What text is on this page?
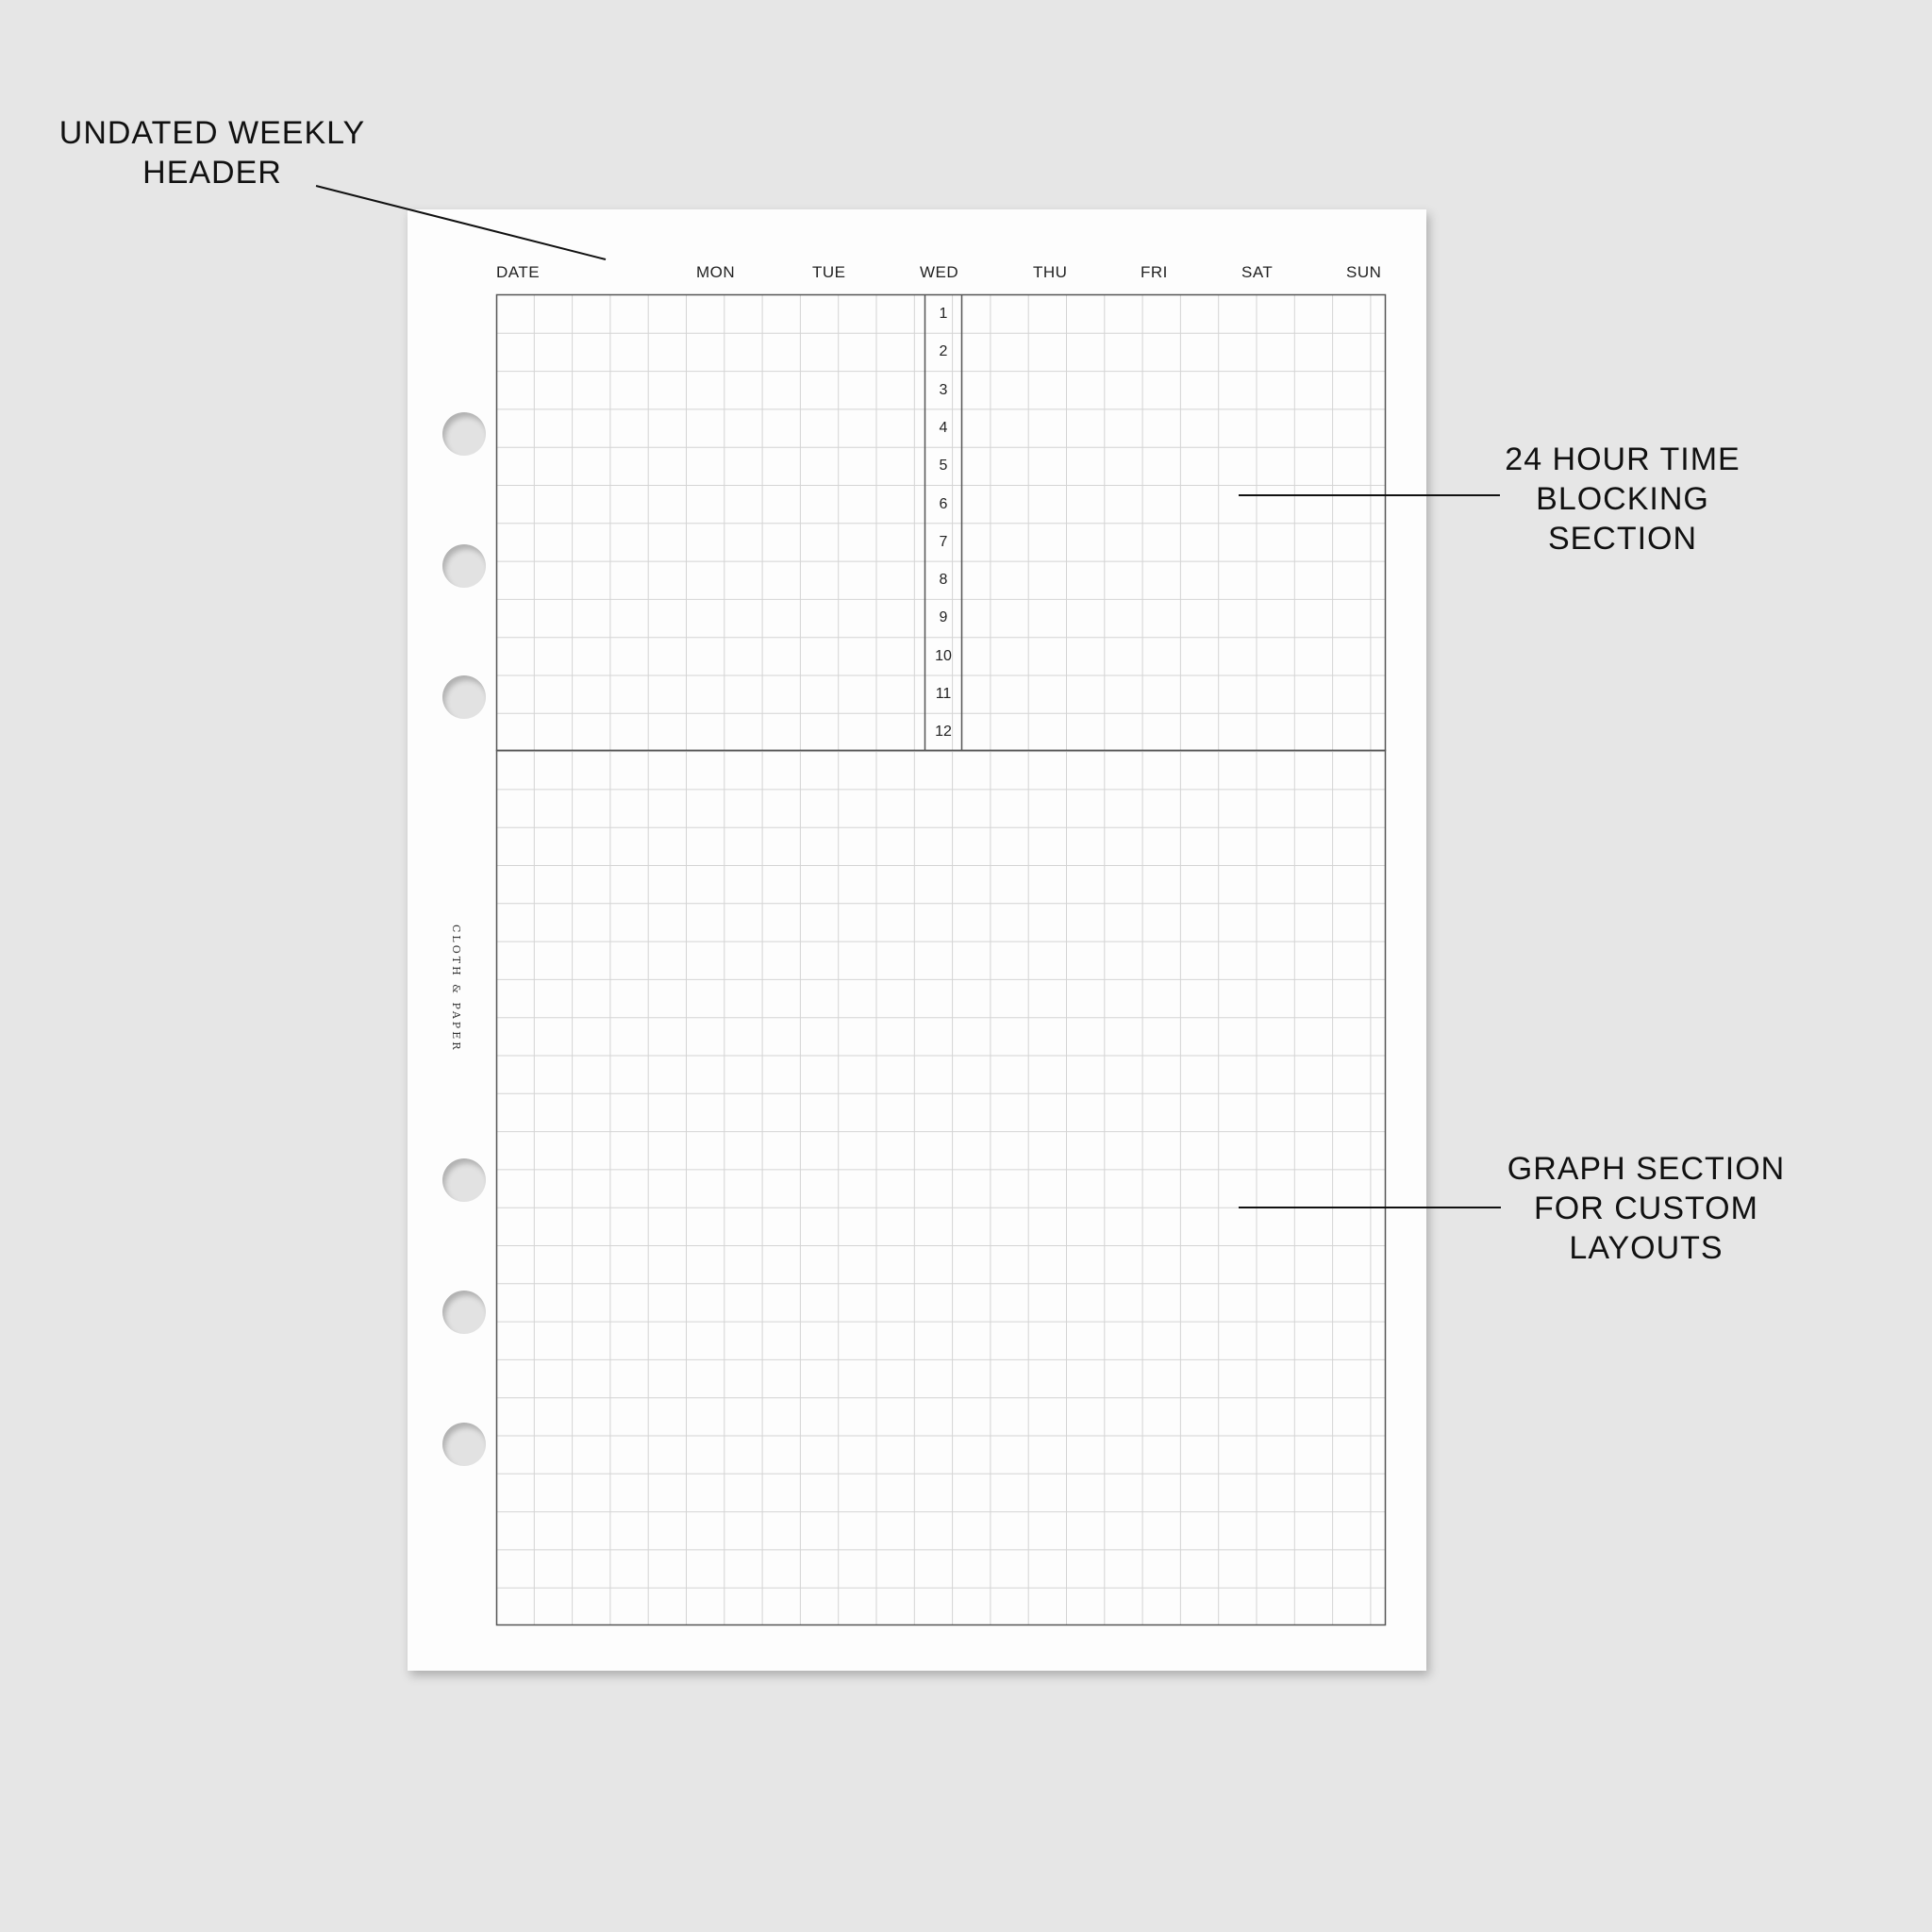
UNDATED WEEKLY
HEADER
24 HOUR TIME
BLOCKING
SECTION
GRAPH SECTION
FOR CUSTOM
LAYOUTS
CLOTH & PAPER
DATE	MON	TUE	WED	THU	FRI	SAT	SUN
1
2
3
4
5
6
7
8
9
10
11
12
